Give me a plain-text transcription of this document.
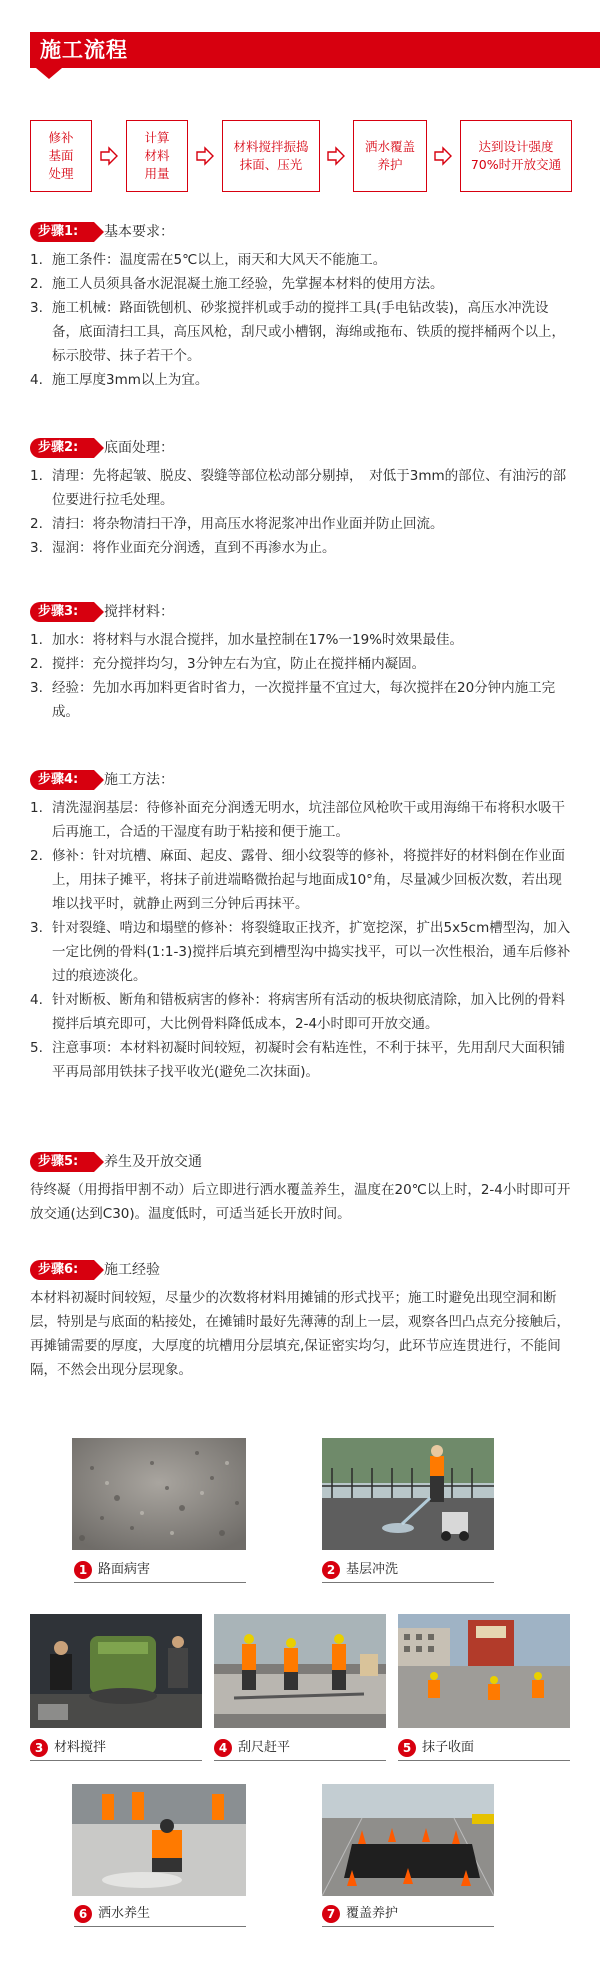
施工流程
修补
基面
处理
计算
材料
用量
材料搅拌振捣
抹面、压光
洒水覆盖
养护
达到设计强度
70%时开放交通
步骤1:	基本要求：
1. 施工条件：温度需在5℃以上，雨天和大风天不能施工。
2. 施工人员须具备水泥混凝土施工经验，先掌握本材料的使用方法。
3. 施工机械：路面铣刨机、砂浆搅拌机或手动的搅拌工具(手电钻改装)，高压水冲洗设备，底面清扫工具，高压风枪，刮尺或小槽钢，海绵或拖布、铁质的搅拌桶两个以上，标示胶带、抹子若干个。
4. 施工厚度3mm以上为宜。
步骤2:	底面处理：
1. 清理：先将起皱、脱皮、裂缝等部位松动部分剔掉，　对低于3mm的部位、有油污的部位要进行拉毛处理。
2. 清扫：将杂物清扫干净，用高压水将泥浆冲出作业面并防止回流。
3. 湿润：将作业面充分润透，直到不再渗水为止。
步骤3:	搅拌材料：
1. 加水：将材料与水混合搅拌，加水量控制在17%一19%时效果最佳。
2. 搅拌：充分搅拌均匀，3分钟左右为宜，防止在搅拌桶内凝固。
3. 经验：先加水再加料更省时省力，一次搅拌量不宜过大，每次搅拌在20分钟内施工完成。
步骤4:	施工方法：
1. 清洗湿润基层：待修补面充分润透无明水，坑洼部位风枪吹干或用海绵干布将积水吸干后再施工，合适的干湿度有助于粘接和便于施工。
2. 修补：针对坑槽、麻面、起皮、露骨、细小纹裂等的修补，将搅拌好的材料倒在作业面上，用抹子摊平，将抹子前进端略微抬起与地面成10°角，尽量减少回板次数，若出现堆以找平时，就静止两到三分钟后再抹平。
3. 针对裂缝、啃边和塌壁的修补：将裂缝取正找齐，扩宽挖深，扩出5x5cm槽型沟，加入一定比例的骨料(1:1-3)搅拌后填充到槽型沟中捣实找平，可以一次性根治，通车后修补过的痕迹淡化。
4. 针对断板、断角和错板病害的修补：将病害所有活动的板块彻底清除，加入比例的骨料搅拌后填充即可，大比例骨料降低成本，2-4小时即可开放交通。
5. 注意事项：本材料初凝时间较短，初凝时会有粘连性，不利于抹平，先用刮尺大面积铺平再局部用铁抹子找平收光(避免二次抹面)。
步骤5:	养生及开放交通
待终凝（用拇指甲割不动）后立即进行洒水覆盖养生，温度在20℃以上时，2-4小时即可开放交通(达到C30)。温度低时，可适当延长开放时间。
步骤6:	施工经验
本材料初凝时间较短，尽量少的次数将材料用摊铺的形式找平；施工时避免出现空洞和断层，特别是与底面的粘接处，在摊铺时最好先薄薄的刮上一层，观察各凹凸点充分接触后，再摊铺需要的厚度，大厚度的坑槽用分层填充,保证密实均匀，此环节应连贯进行，不能间隔，不然会出现分层现象。
1 路面病害	2 基层冲洗
3 材料搅拌	4 刮尺赶平	5 抹子收面
6 洒水养生	7 覆盖养护
